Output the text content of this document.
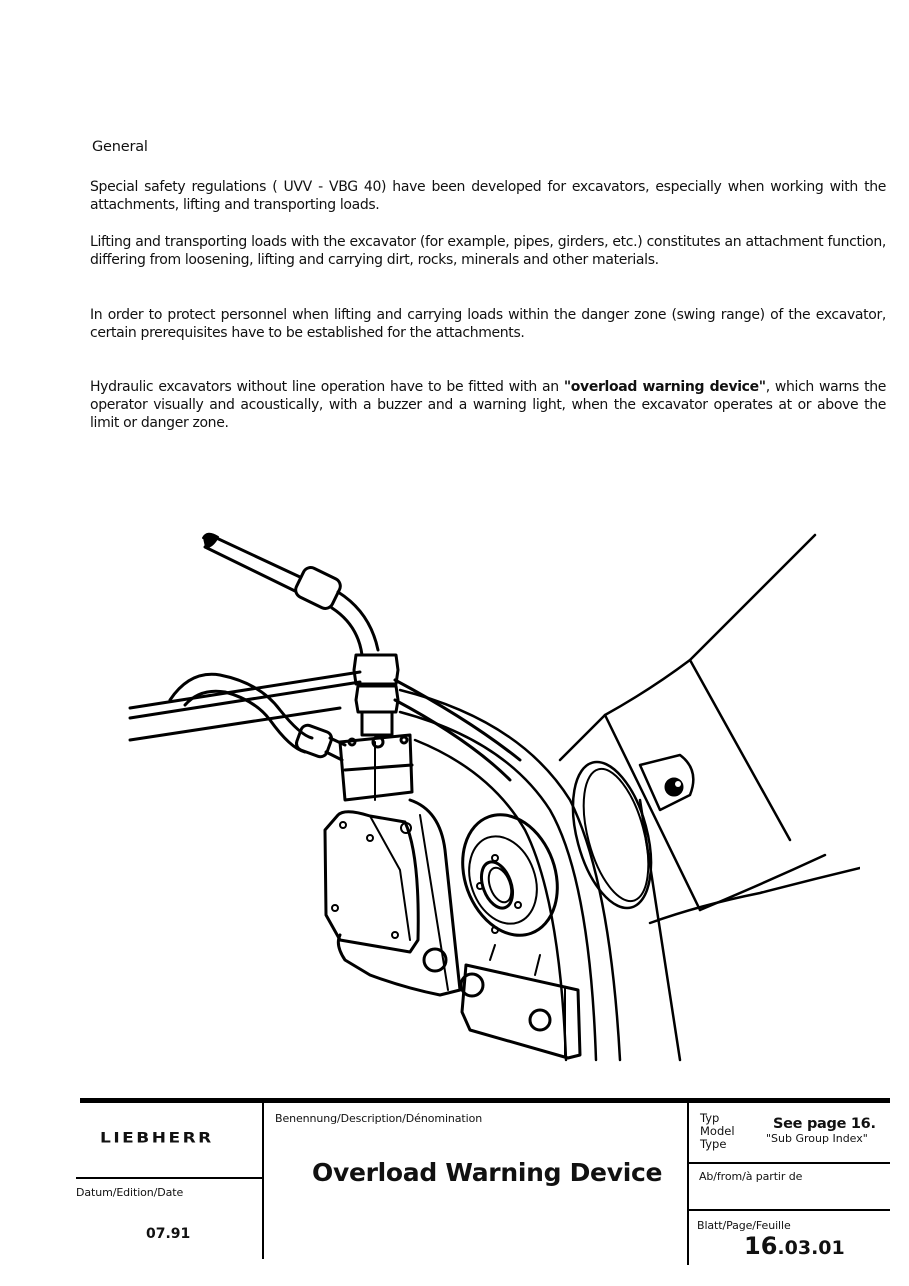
General
Special safety regulations ( UVV - VBG 40) have been developed for excavators, especially when working with the attachments, lifting and transporting loads.
Lifting and transporting loads with the excavator (for example, pipes, girders, etc.) constitutes an attachment function, differing from loosening, lifting and carrying dirt, rocks, minerals and other materials.
In order to protect personnel when lifting and carrying loads within the danger zone (swing range) of the excavator, certain prerequisites have to be established for the attachments.
Hydraulic excavators without line operation have to be fitted with an "overload warning device", which warns the operator visually and acoustically, with a buzzer and a warning light, when the excavator operates at or above the limit or danger zone.
LIEBHERR
Datum/Edition/Date
07.91
Benennung/Description/Dénomination
Overload Warning Device
Typ
Model
Type
See page 16.
"Sub Group Index"
Ab/from/à partir de
Blatt/Page/Feuille
16.03.01
